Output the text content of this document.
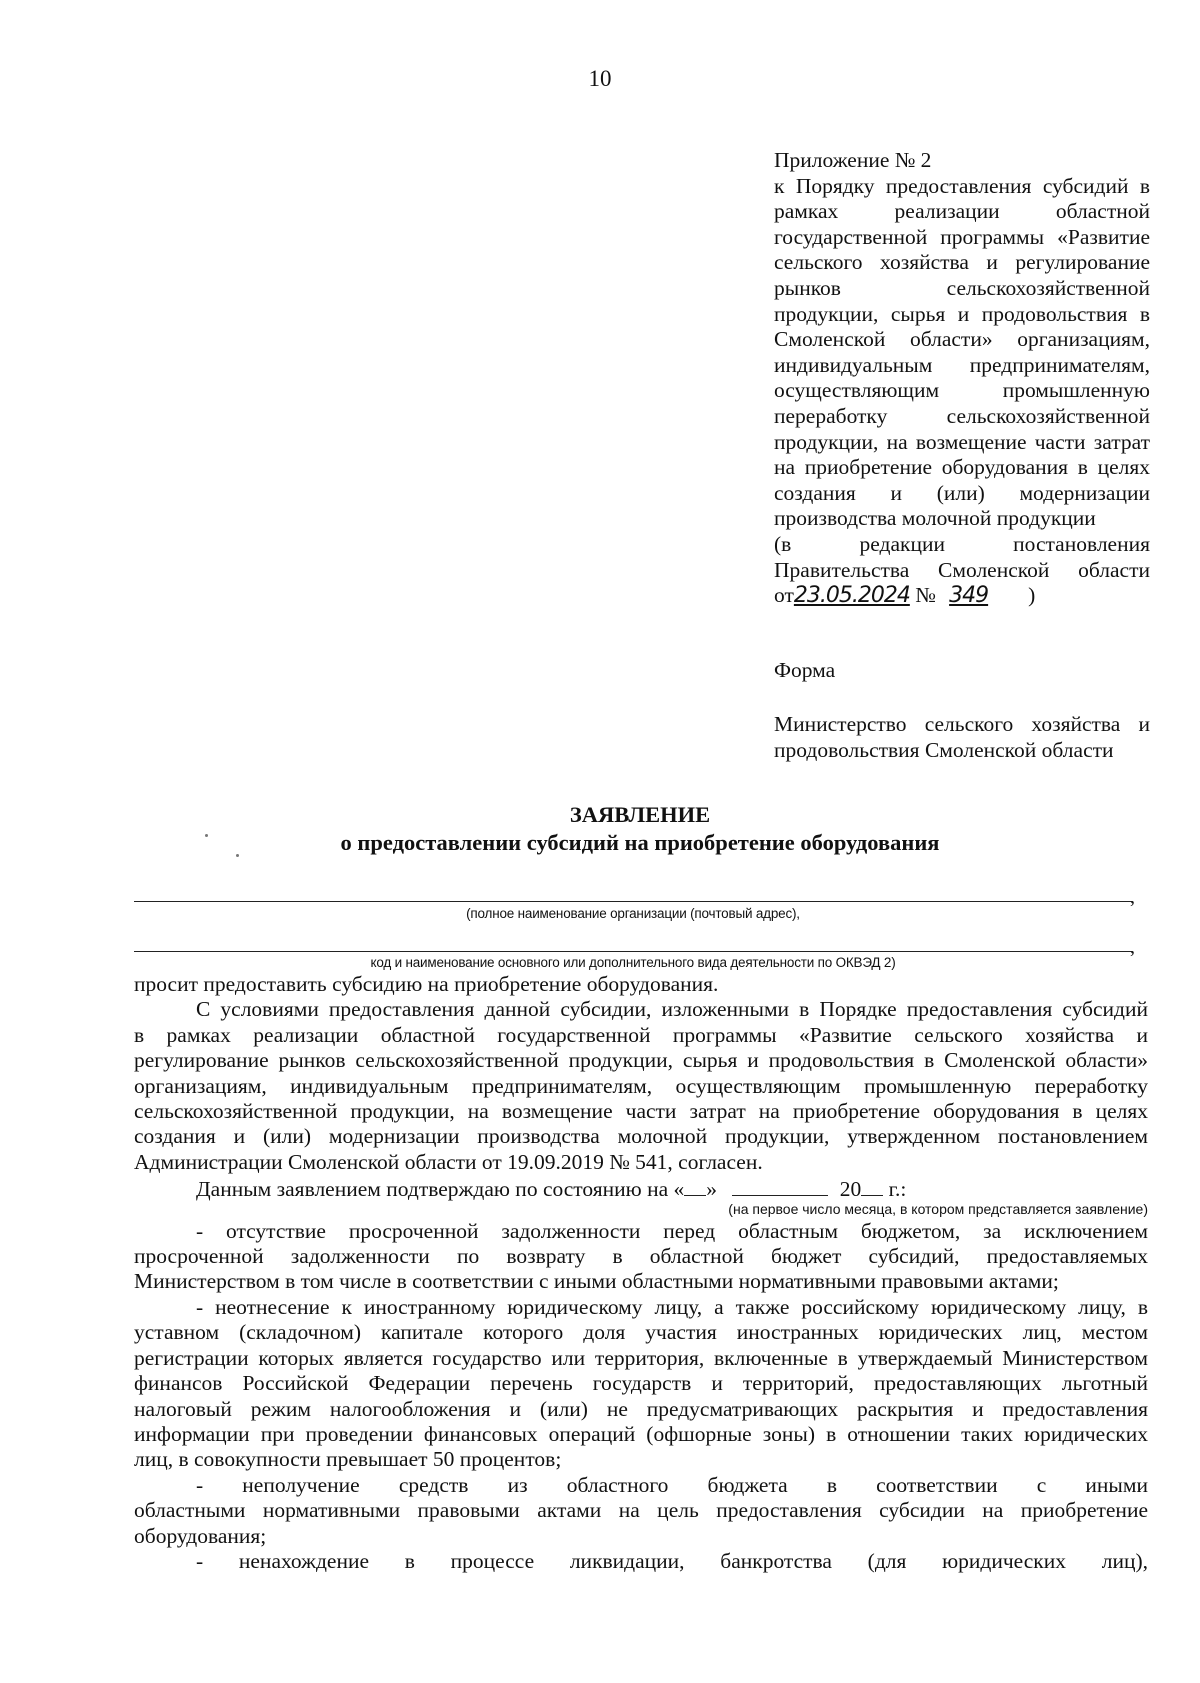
10
Приложение № 2
к Порядку предоставления субсидий в
рамках реализации областной
государственной программы «Развитие
сельского хозяйства и регулирование
рынков сельскохозяйственной
продукции, сырья и продовольствия в
Смоленской области» организациям,
индивидуальным предпринимателям,
осуществляющим промышленную
переработку сельскохозяйственной
продукции, на возмещение части затрат
на приобретение оборудования в целях
создания и (или) модернизации
производства молочной продукции
(в редакции постановления
Правительства Смоленской области
от23.05.2024 № 349 )
Форма
Министерство сельского хозяйства и
продовольствия Смоленской области
ЗАЯВЛЕНИЕ
о предоставлении субсидий на приобретение оборудования
,
(полное наименование организации (почтовый адрес),
,
код и наименование основного или дополнительного вида деятельности по ОКВЭД 2)
просит предоставить субсидию на приобретение оборудования.
С условиями предоставления данной субсидии, изложенными в Порядке предоставления субсидий
в рамках реализации областной государственной программы «Развитие сельского хозяйства и
регулирование рынков сельскохозяйственной продукции, сырья и продовольствия в Смоленской области»
организациям, индивидуальным предпринимателям, осуществляющим промышленную переработку
сельскохозяйственной продукции, на возмещение части затрат на приобретение оборудования в целях
создания и (или) модернизации производства молочной продукции, утвержденном постановлением
Администрации Смоленской области от 19.09.2019 № 541, согласен.
Данным заявлением подтверждаю по состоянию на « »	20 г.:
(на первое число месяца, в котором представляется заявление)
- отсутствие просроченной задолженности перед областным бюджетом, за исключением
просроченной задолженности по возврату в областной бюджет субсидий, предоставляемых
Министерством в том числе в соответствии с иными областными нормативными правовыми актами;
- неотнесение к иностранному юридическому лицу, а также российскому юридическому лицу, в
уставном (складочном) капитале которого доля участия иностранных юридических лиц, местом
регистрации которых является государство или территория, включенные в утверждаемый Министерством
финансов Российской Федерации перечень государств и территорий, предоставляющих льготный
налоговый режим налогообложения и (или) не предусматривающих раскрытия и предоставления
информации при проведении финансовых операций (офшорные зоны) в отношении таких юридических
лиц, в совокупности превышает 50 процентов;
- неполучение средств из областного бюджета в соответствии с иными
областными нормативными правовыми актами на цель предоставления субсидии на приобретение
оборудования;
- ненахождение в процессе ликвидации, банкротства (для юридических лиц),
